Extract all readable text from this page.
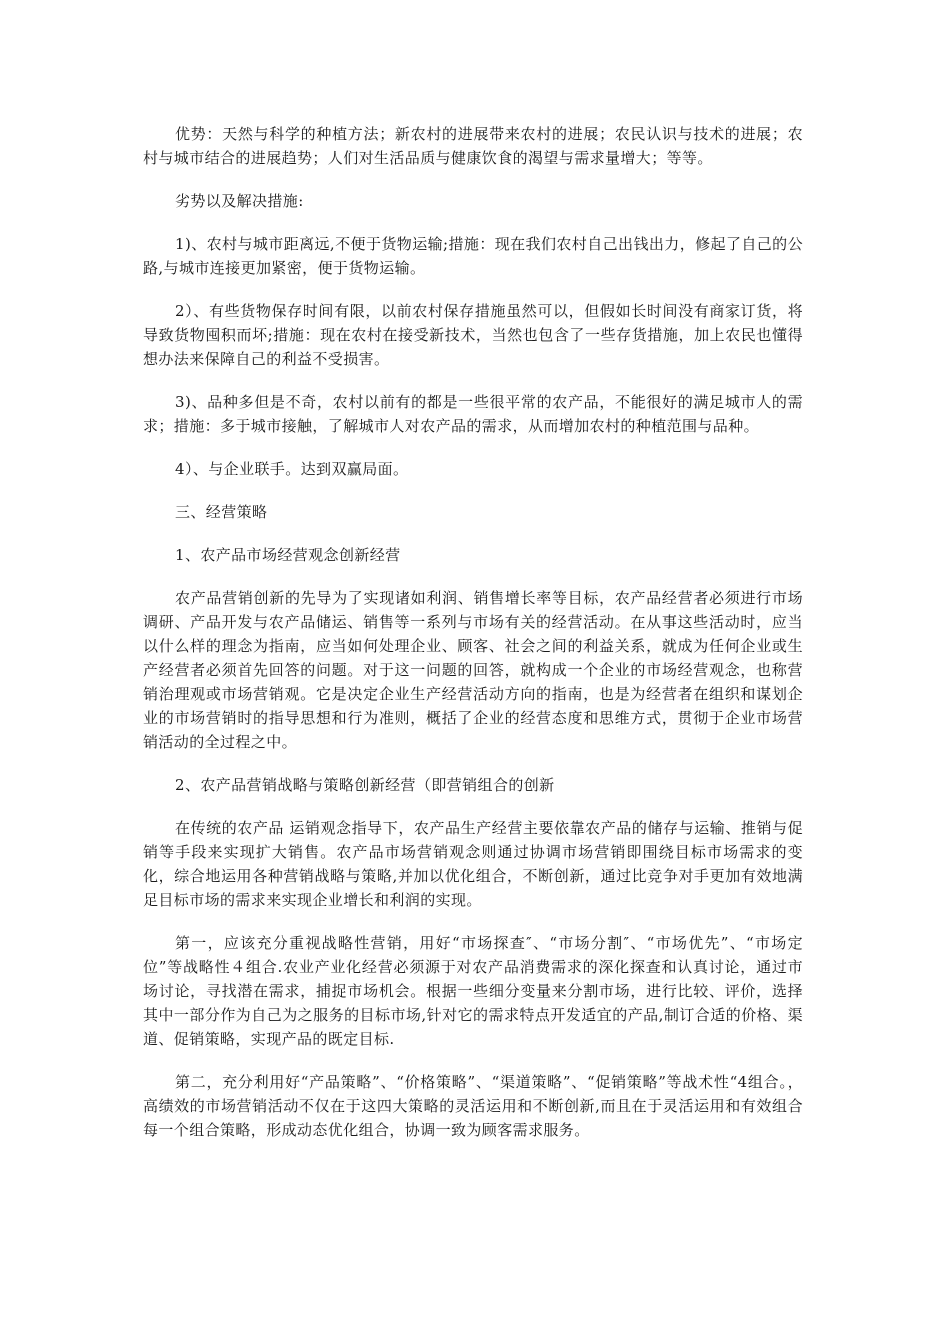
优势：天然与科学的种植方法；新农村的进展带来农村的进展；农民认识与技术的进展；农村与城市结合的进展趋势；人们对生活品质与健康饮食的渴望与需求量增大；等等。

劣势以及解决措施:

1)、农村与城市距离远,不便于货物运输;措施：现在我们农村自己出钱出力，修起了自己的公路,与城市连接更加紧密，便于货物运输。

2）、有些货物保存时间有限，以前农村保存措施虽然可以，但假如长时间没有商家订货，将导致货物囤积而坏;措施：现在农村在接受新技术，当然也包含了一些存货措施，加上农民也懂得想办法来保障自己的利益不受损害。

3)、品种多但是不奇，农村以前有的都是一些很平常的农产品，不能很好的满足城市人的需求；措施：多于城市接触，了解城市人对农产品的需求，从而增加农村的种植范围与品种。

4）、与企业联手。达到双赢局面。

三、经营策略

1、农产品市场经营观念创新经营

农产品营销创新的先导为了实现诸如利润、销售增长率等目标，农产品经营者必须进行市场调研、产品开发与农产品储运、销售等一系列与市场有关的经营活动。在从事这些活动时，应当以什么样的理念为指南，应当如何处理企业、顾客、社会之间的利益关系，就成为任何企业或生产经营者必须首先回答的问题。对于这一问题的回答，就构成一个企业的市场经营观念，也称营销治理观或市场营销观。它是决定企业生产经营活动方向的指南，也是为经营者在组织和谋划企业的市场营销时的指导思想和行为准则，概括了企业的经营态度和思维方式，贯彻于企业市场营销活动的全过程之中。

2、农产品营销战略与策略创新经营（即营销组合的创新

在传统的农产品 运销观念指导下，农产品生产经营主要依靠农产品的储存与运输、推销与促销等手段来实现扩大销售。农产品市场营销观念则通过协调市场营销即围绕目标市场需求的变化，综合地运用各种营销战略与策略,并加以优化组合，不断创新，通过比竞争对手更加有效地满足目标市场的需求来实现企业增长和利润的实现。

第一，应该充分重视战略性营销，用好“市场探查″、“市场分割″、“市场优先”、“市场定位”等战略性４组合.农业产业化经营必须源于对农产品消费需求的深化探查和认真讨论，通过市场讨论，寻找潜在需求，捕捉市场机会。根据一些细分变量来分割市场，进行比较、评价，选择其中一部分作为自己为之服务的目标市场,针对它的需求特点开发适宜的产品,制订合适的价格、渠道、促销策略，实现产品的既定目标.

第二，充分利用好“产品策略”、“价格策略”、“渠道策略”、“促销策略”等战术性“4组合。，高绩效的市场营销活动不仅在于这四大策略的灵活运用和不断创新,而且在于灵活运用和有效组合每一个组合策略，形成动态优化组合，协调一致为顾客需求服务。
